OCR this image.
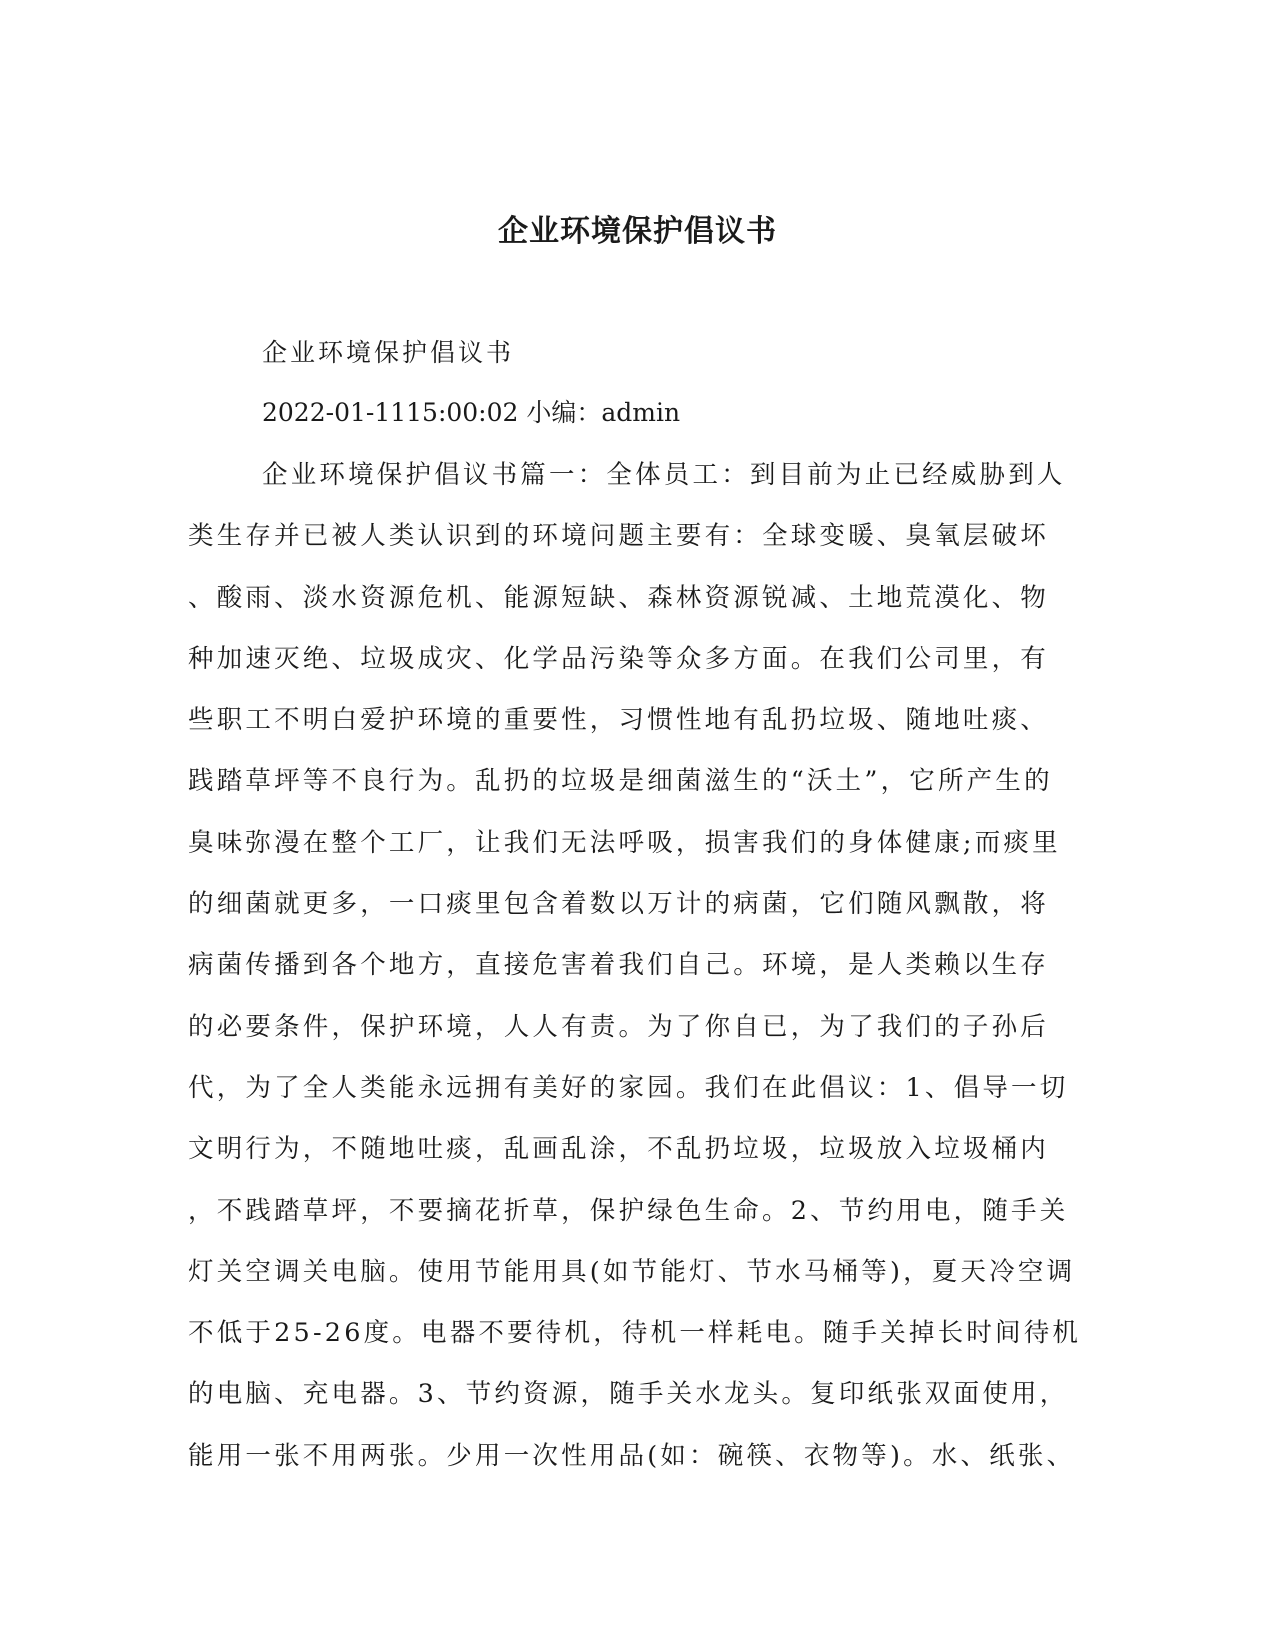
企业环境保护倡议书

企业环境保护倡议书

2022-01-1115:00:02 小编：admin

企业环境保护倡议书篇一：全体员工：到目前为止已经威胁到人
类生存并已被人类认识到的环境问题主要有：全球变暖、臭氧层破坏
、酸雨、淡水资源危机、能源短缺、森林资源锐减、土地荒漠化、物
种加速灭绝、垃圾成灾、化学品污染等众多方面。在我们公司里，有
些职工不明白爱护环境的重要性，习惯性地有乱扔垃圾、随地吐痰、
践踏草坪等不良行为。乱扔的垃圾是细菌滋生的“沃土”，它所产生的
臭味弥漫在整个工厂，让我们无法呼吸，损害我们的身体健康;而痰里
的细菌就更多，一口痰里包含着数以万计的病菌，它们随风飘散，将
病菌传播到各个地方，直接危害着我们自己。环境，是人类赖以生存
的必要条件，保护环境，人人有责。为了你自已，为了我们的子孙后
代，为了全人类能永远拥有美好的家园。我们在此倡议：1、倡导一切
文明行为，不随地吐痰，乱画乱涂，不乱扔垃圾，垃圾放入垃圾桶内
，不践踏草坪，不要摘花折草，保护绿色生命。2、节约用电，随手关
灯关空调关电脑。使用节能用具(如节能灯、节水马桶等)，夏天冷空调
不低于25-26度。电器不要待机，待机一样耗电。随手关掉长时间待机
的电脑、充电器。3、节约资源，随手关水龙头。复印纸张双面使用，
能用一张不用两张。少用一次性用品(如：碗筷、衣物等)。水、纸张、
